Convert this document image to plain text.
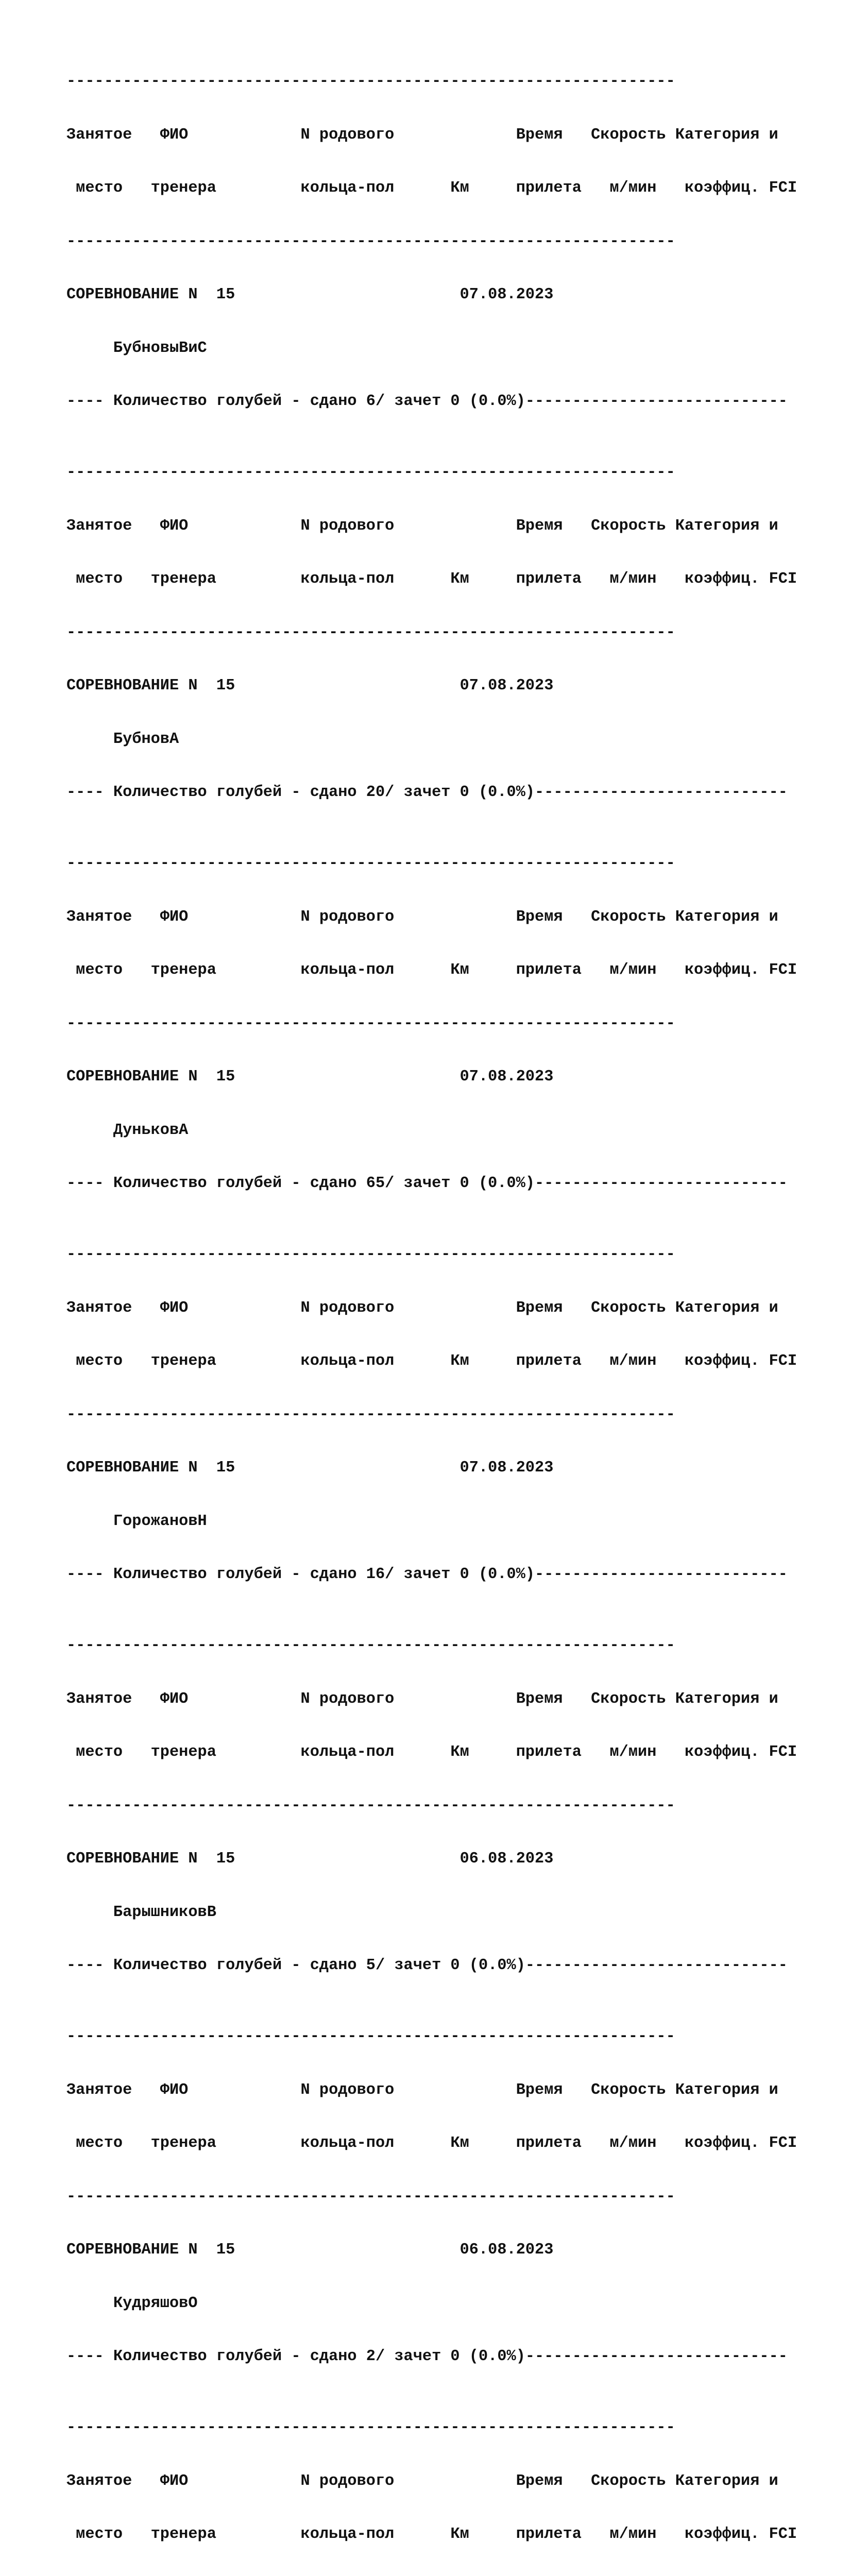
-----------------------------------------------------------------

Занятое   ФИО            N родового             Время   Скорость Категория и

место   тренера         кольца-пол      Км     прилета   м/мин   коэффиц. FCI

-----------------------------------------------------------------

СОРЕВНОВАНИЕ N  15                        07.08.2023

БубновыВиС

---- Количество голубей - сдано 6/ зачет 0 (0.0%)----------------------------

-----------------------------------------------------------------

Занятое   ФИО            N родового             Время   Скорость Категория и

место   тренера         кольца-пол      Км     прилета   м/мин   коэффиц. FCI

-----------------------------------------------------------------

СОРЕВНОВАНИЕ N  15                        07.08.2023

БубновА

---- Количество голубей - сдано 20/ зачет 0 (0.0%)---------------------------

-----------------------------------------------------------------

Занятое   ФИО            N родового             Время   Скорость Категория и

место   тренера         кольца-пол      Км     прилета   м/мин   коэффиц. FCI

-----------------------------------------------------------------

СОРЕВНОВАНИЕ N  15                        07.08.2023

ДуньковА

---- Количество голубей - сдано 65/ зачет 0 (0.0%)---------------------------

-----------------------------------------------------------------

Занятое   ФИО            N родового             Время   Скорость Категория и

место   тренера         кольца-пол      Км     прилета   м/мин   коэффиц. FCI

-----------------------------------------------------------------

СОРЕВНОВАНИЕ N  15                        07.08.2023

ГорожановН

---- Количество голубей - сдано 16/ зачет 0 (0.0%)---------------------------

-----------------------------------------------------------------

Занятое   ФИО            N родового             Время   Скорость Категория и

место   тренера         кольца-пол      Км     прилета   м/мин   коэффиц. FCI

-----------------------------------------------------------------

СОРЕВНОВАНИЕ N  15                        06.08.2023

БарышниковВ

---- Количество голубей - сдано 5/ зачет 0 (0.0%)----------------------------

-----------------------------------------------------------------

Занятое   ФИО            N родового             Время   Скорость Категория и

место   тренера         кольца-пол      Км     прилета   м/мин   коэффиц. FCI

-----------------------------------------------------------------

СОРЕВНОВАНИЕ N  15                        06.08.2023

КудряшовО

---- Количество голубей - сдано 2/ зачет 0 (0.0%)----------------------------

-----------------------------------------------------------------

Занятое   ФИО            N родового             Время   Скорость Категория и

место   тренера         кольца-пол      Км     прилета   м/мин   коэффиц. FCI
